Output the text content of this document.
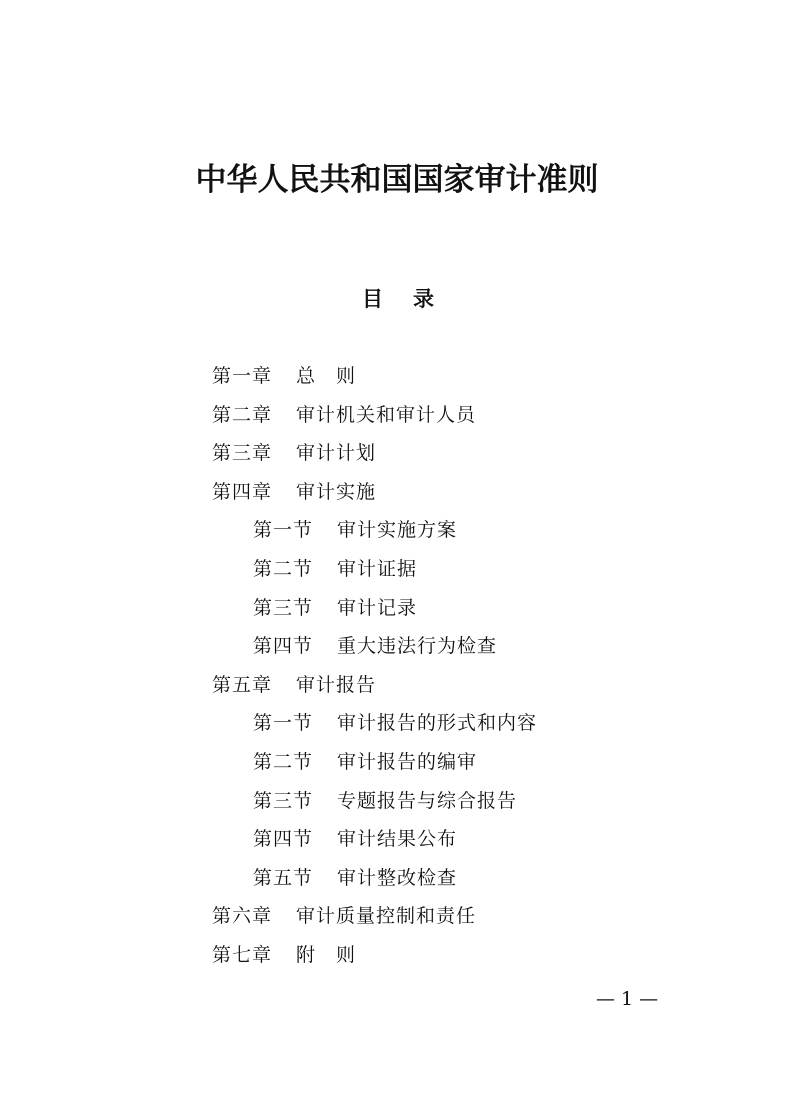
中华人民共和国国家审计准则
目 录
第一章 总　则
第二章 审计机关和审计人员
第三章 审计计划
第四章 审计实施
第一节 审计实施方案
第二节 审计证据
第三节 审计记录
第四节 重大违法行为检查
第五章 审计报告
第一节 审计报告的形式和内容
第二节 审计报告的编审
第三节 专题报告与综合报告
第四节 审计结果公布
第五节 审计整改检查
第六章 审计质量控制和责任
第七章 附　则
— 1 —
